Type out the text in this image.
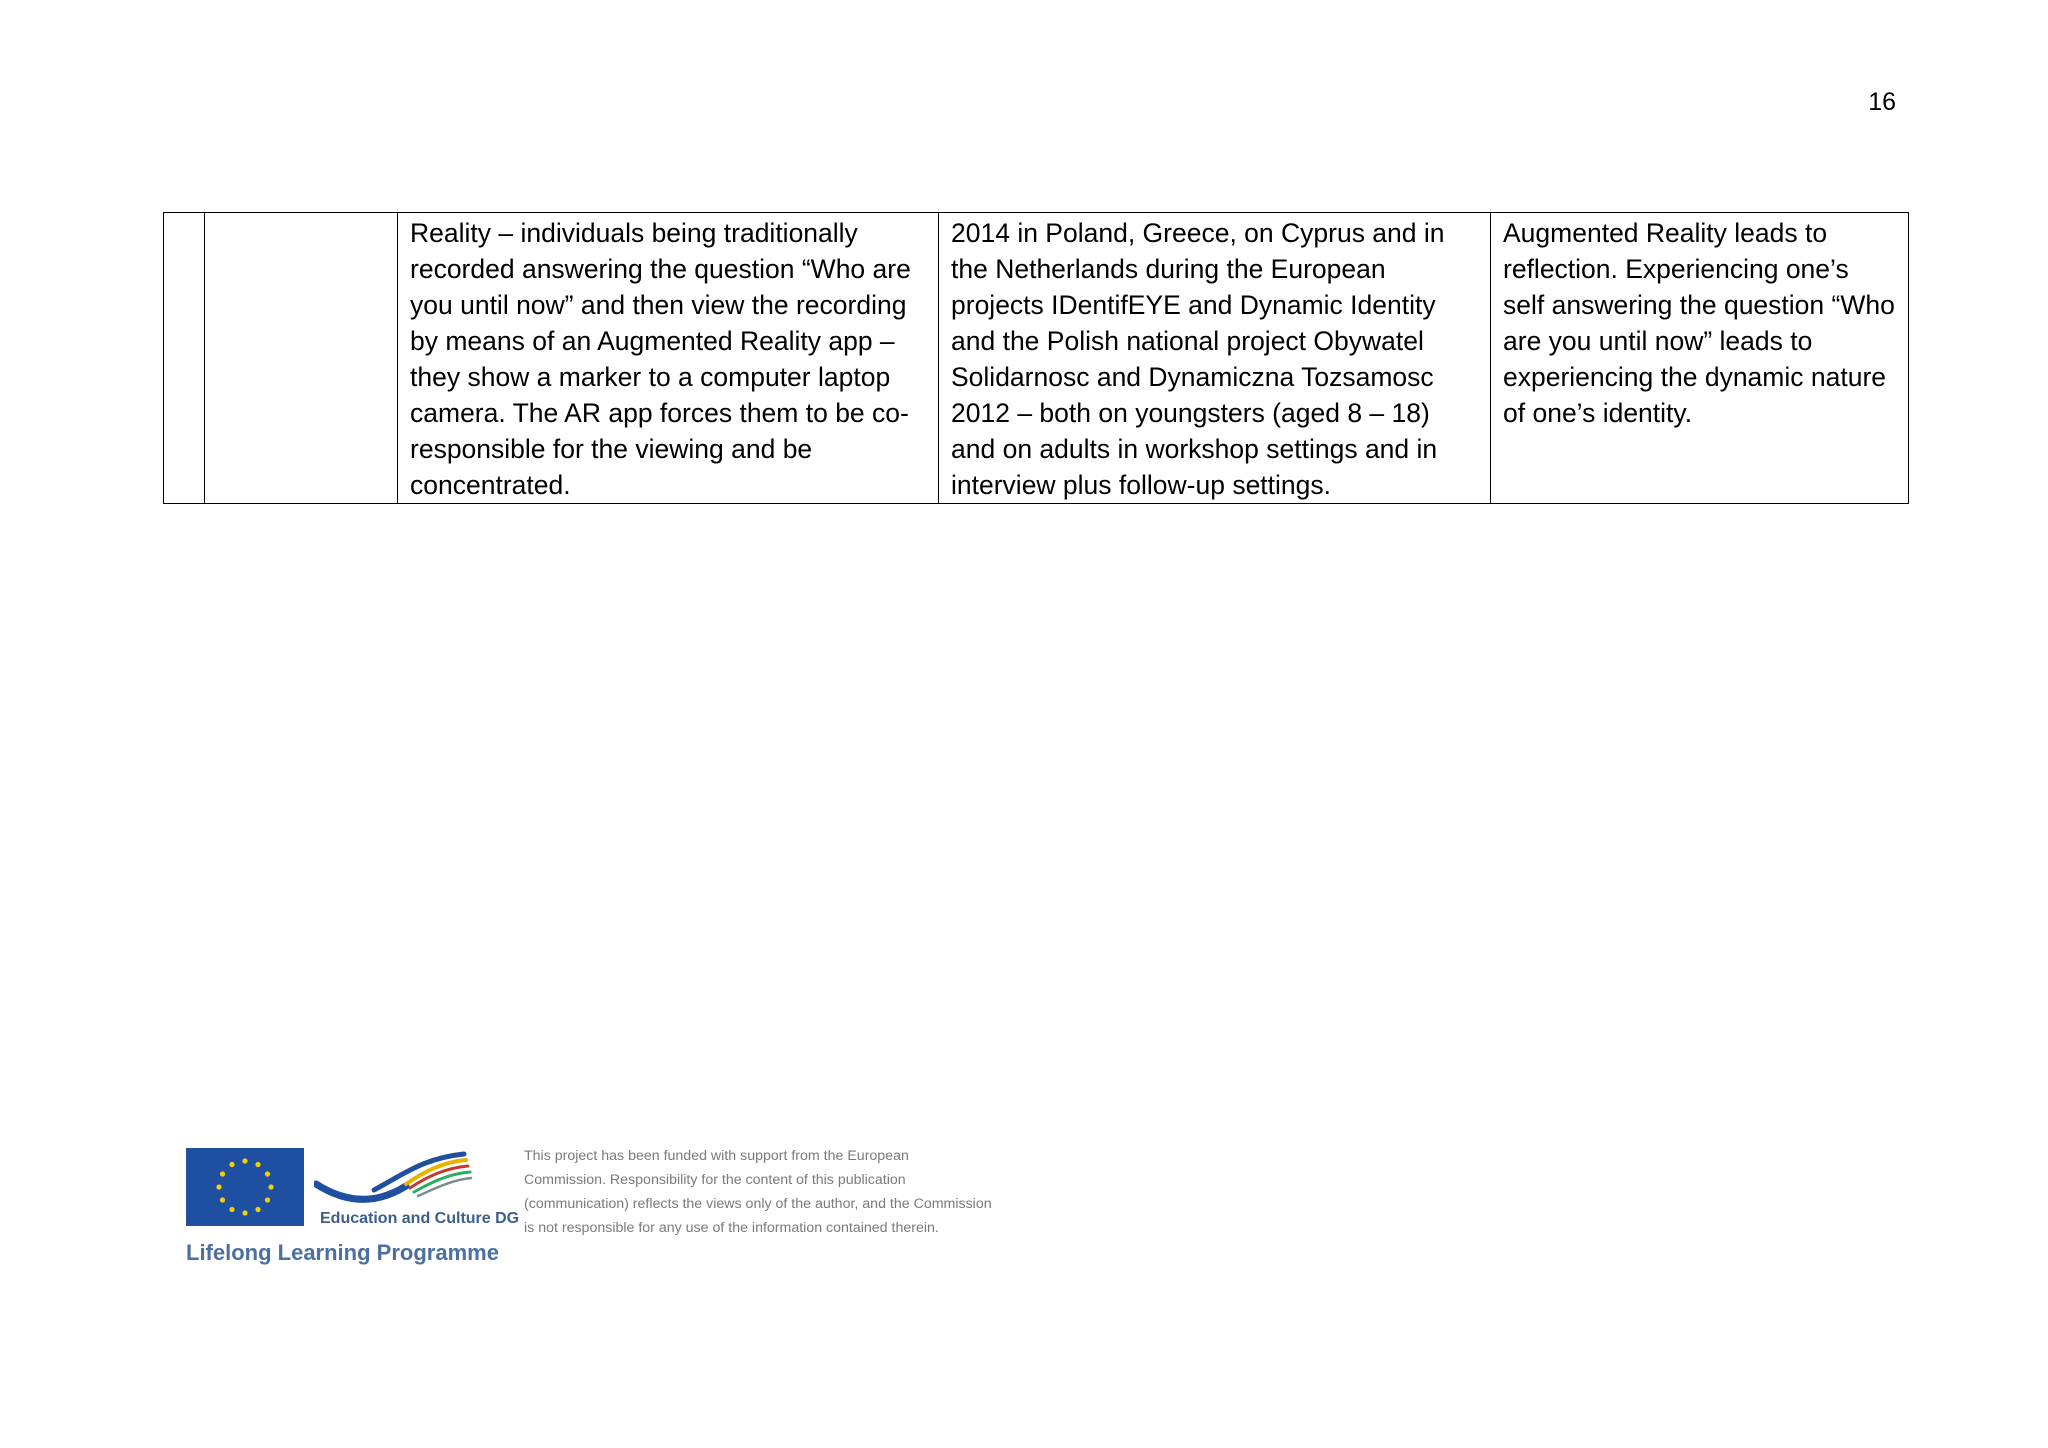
16
		Reality – individuals being traditionally recorded answering the question “Who are you until now” and then view the recording by means of an Augmented Reality app – they show a marker to a computer laptop camera. The AR app forces them to be co-responsible for the viewing and be concentrated.	2014 in Poland, Greece, on Cyprus and in the Netherlands during the European projects IDentifEYE and Dynamic Identity and the Polish national project Obywatel Solidarnosc and Dynamiczna Tozsamosc 2012 – both on youngsters (aged 8 – 18) and on adults in workshop settings and in interview plus follow-up settings.	Augmented Reality leads to reflection. Experiencing one’s self answering the question “Who are you until now” leads to experiencing the dynamic nature of one’s identity.
Education and Culture DG
Lifelong Learning Programme
This project has been funded with support from the European Commission. Responsibility for the content of this publication (communication) reflects the views only of the author, and the Commission is not responsible for any use of the information contained therein.
